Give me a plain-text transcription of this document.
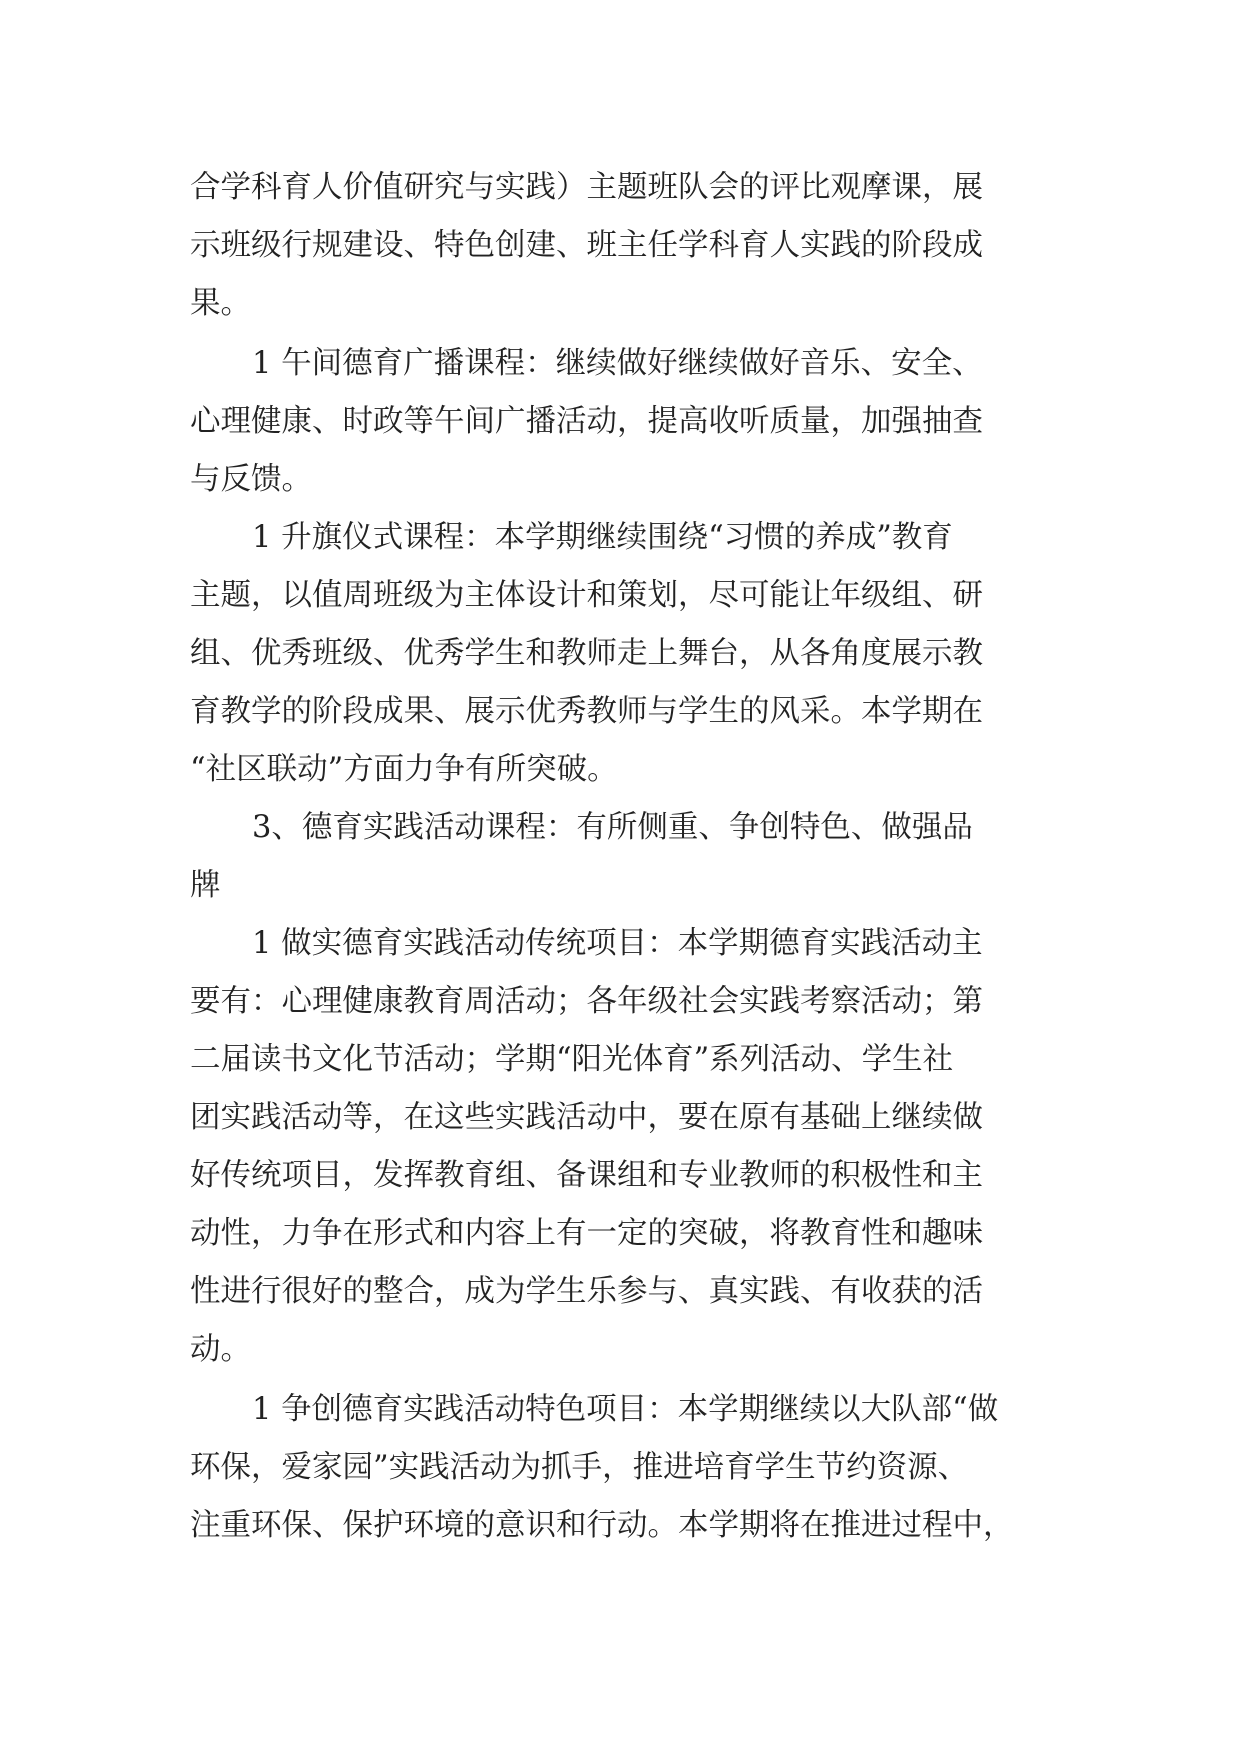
合学科育人价值研究与实践）主题班队会的评比观摩课，展

示班级行规建设、特色创建、班主任学科育人实践的阶段成

果。

1 午间德育广播课程：继续做好继续做好音乐、安全、

心理健康、时政等午间广播活动，提高收听质量，加强抽查

与反馈。

1 升旗仪式课程：本学期继续围绕“习惯的养成”教育

主题，以值周班级为主体设计和策划，尽可能让年级组、研

组、优秀班级、优秀学生和教师走上舞台，从各角度展示教

育教学的阶段成果、展示优秀教师与学生的风采。本学期在

“社区联动”方面力争有所突破。

3、德育实践活动课程：有所侧重、争创特色、做强品

牌

1 做实德育实践活动传统项目：本学期德育实践活动主

要有：心理健康教育周活动；各年级社会实践考察活动；第

二届读书文化节活动；学期“阳光体育”系列活动、学生社

团实践活动等，在这些实践活动中，要在原有基础上继续做

好传统项目，发挥教育组、备课组和专业教师的积极性和主

动性，力争在形式和内容上有一定的突破，将教育性和趣味

性进行很好的整合，成为学生乐参与、真实践、有收获的活

动。

1 争创德育实践活动特色项目：本学期继续以大队部“做

环保，爱家园”实践活动为抓手，推进培育学生节约资源、

注重环保、保护环境的意识和行动。本学期将在推进过程中，
